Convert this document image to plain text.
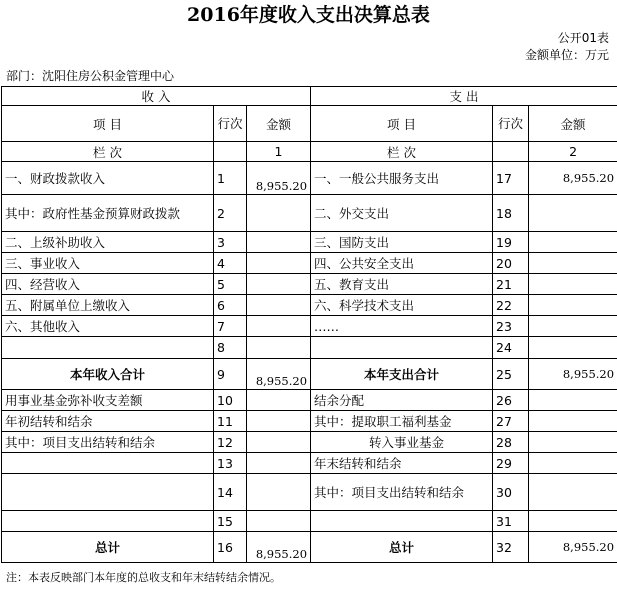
2016年度收入支出决算总表
公开01表
金额单位：万元
部门：沈阳住房公积金管理中心
收 入			支 出		
项 目	行次	金额	项 目	行次	金额
栏 次		1	栏 次		2
一、财政拨款收入	1	8,955.20	一、一般公共服务支出	17	8,955.20
其中：政府性基金预算财政拨款	2		二、外交支出	18	
二、上级补助收入	3		三、国防支出	19	
三、事业收入	4		四、公共安全支出	20	
四、经营收入	5		五、教育支出	21	
五、附属单位上缴收入	6		六、科学技术支出	22	
六、其他收入	7		……	23	
	8			24	
本年收入合计	9	8,955.20	本年支出合计	25	8,955.20
用事业基金弥补收支差额	10		结余分配	26	
年初结转和结余	11		其中：提取职工福利基金	27	
其中：项目支出结转和结余	12		转入事业基金	28	
	13		年末结转和结余	29	
	14		其中：项目支出结转和结余	30	
	15			31	
总计	16	8,955.20	总计	32	8,955.20
注：本表反映部门本年度的总收支和年末结转结余情况。
